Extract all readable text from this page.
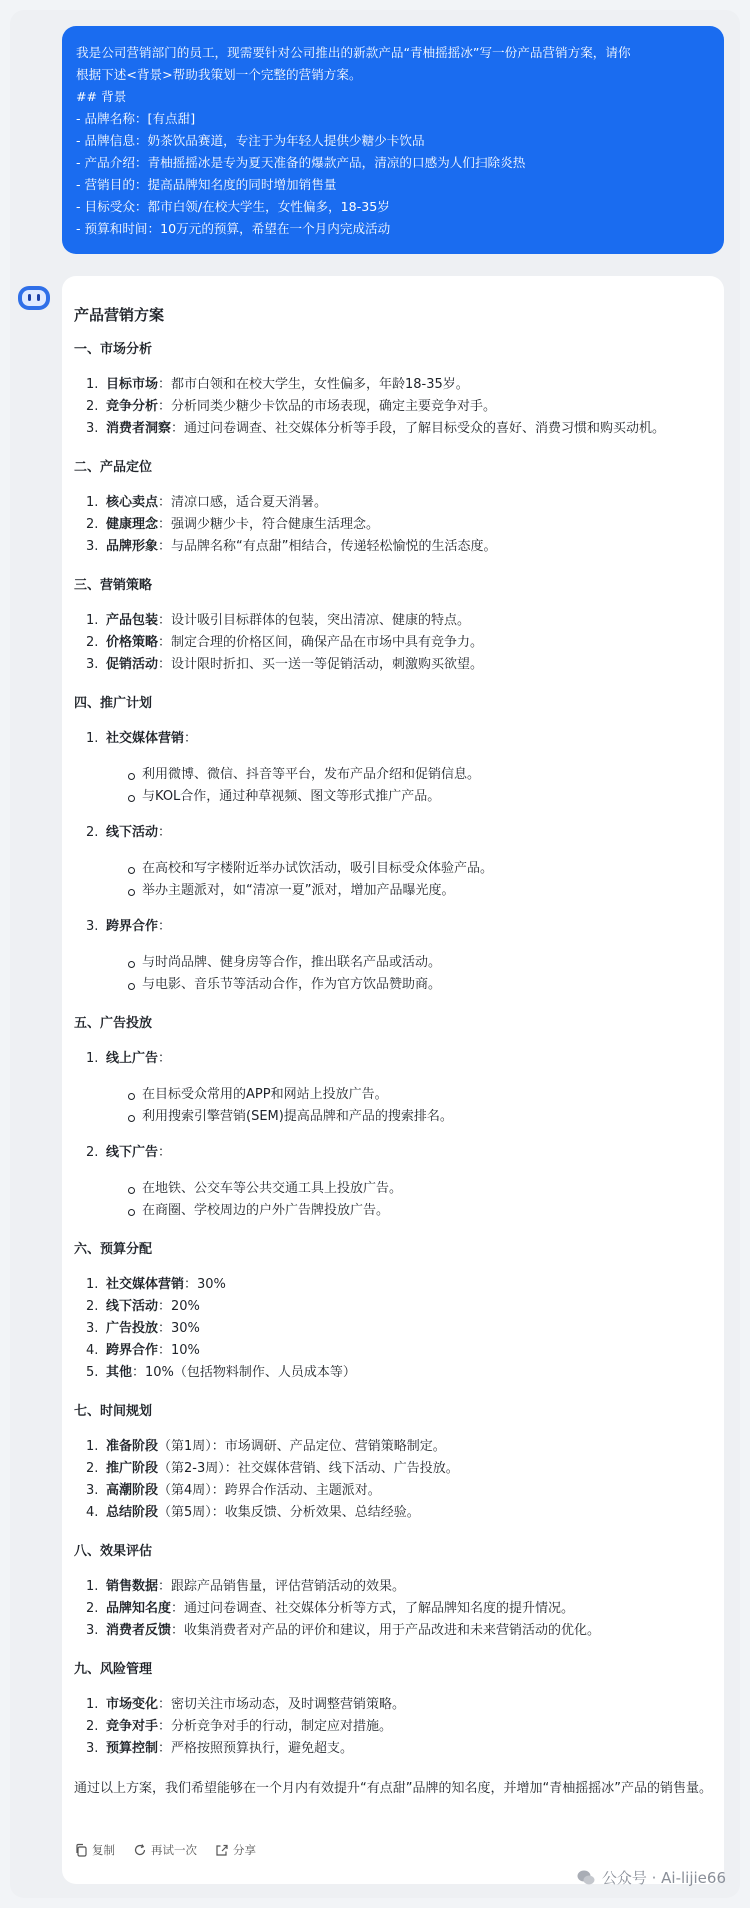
我是公司营销部门的员工，现需要针对公司推出的新款产品“青柚摇摇冰”写一份产品营销方案，请你

根据下述<背景>帮助我策划一个完整的营销方案。

## 背景

- 品牌名称：[有点甜]

- 品牌信息：奶茶饮品赛道，专注于为年轻人提供少糖少卡饮品

- 产品介绍：青柚摇摇冰是专为夏天准备的爆款产品，清凉的口感为人们扫除炎热

- 营销目的：提高品牌知名度的同时增加销售量

- 目标受众：都市白领/在校大学生，女性偏多，18-35岁

- 预算和时间：10万元的预算，希望在一个月内完成活动

产品营销方案
一、市场分析
1. 目标市场：都市白领和在校大学生，女性偏多，年龄18-35岁。
2. 竞争分析：分析同类少糖少卡饮品的市场表现，确定主要竞争对手。
3. 消费者洞察：通过问卷调查、社交媒体分析等手段，了解目标受众的喜好、消费习惯和购买动机。
二、产品定位
1. 核心卖点：清凉口感，适合夏天消暑。
2. 健康理念：强调少糖少卡，符合健康生活理念。
3. 品牌形象：与品牌名称“有点甜”相结合，传递轻松愉悦的生活态度。
三、营销策略
1. 产品包装：设计吸引目标群体的包装，突出清凉、健康的特点。
2. 价格策略：制定合理的价格区间，确保产品在市场中具有竞争力。
3. 促销活动：设计限时折扣、买一送一等促销活动，刺激购买欲望。
四、推广计划
1. 社交媒体营销：
利用微博、微信、抖音等平台，发布产品介绍和促销信息。
与KOL合作，通过种草视频、图文等形式推广产品。
2. 线下活动：
在高校和写字楼附近举办试饮活动，吸引目标受众体验产品。
举办主题派对，如“清凉一夏”派对，增加产品曝光度。
3. 跨界合作：
与时尚品牌、健身房等合作，推出联名产品或活动。
与电影、音乐节等活动合作，作为官方饮品赞助商。
五、广告投放
1. 线上广告：
在目标受众常用的APP和网站上投放广告。
利用搜索引擎营销(SEM)提高品牌和产品的搜索排名。
2. 线下广告：
在地铁、公交车等公共交通工具上投放广告。
在商圈、学校周边的户外广告牌投放广告。
六、预算分配
1. 社交媒体营销：30%
2. 线下活动：20%
3. 广告投放：30%
4. 跨界合作：10%
5. 其他：10%（包括物料制作、人员成本等）
七、时间规划
1. 准备阶段（第1周）：市场调研、产品定位、营销策略制定。
2. 推广阶段（第2-3周）：社交媒体营销、线下活动、广告投放。
3. 高潮阶段（第4周）：跨界合作活动、主题派对。
4. 总结阶段（第5周）：收集反馈、分析效果、总结经验。
八、效果评估
1. 销售数据：跟踪产品销售量，评估营销活动的效果。
2. 品牌知名度：通过问卷调查、社交媒体分析等方式，了解品牌知名度的提升情况。
3. 消费者反馈：收集消费者对产品的评价和建议，用于产品改进和未来营销活动的优化。
九、风险管理
1. 市场变化：密切关注市场动态，及时调整营销策略。
2. 竞争对手：分析竞争对手的行动，制定应对措施。
3. 预算控制：严格按照预算执行，避免超支。
通过以上方案，我们希望能够在一个月内有效提升“有点甜”品牌的知名度，并增加“青柚摇摇冰”产品的销售量。
复制	再试一次	分享
公众号 · Ai-lijie66
